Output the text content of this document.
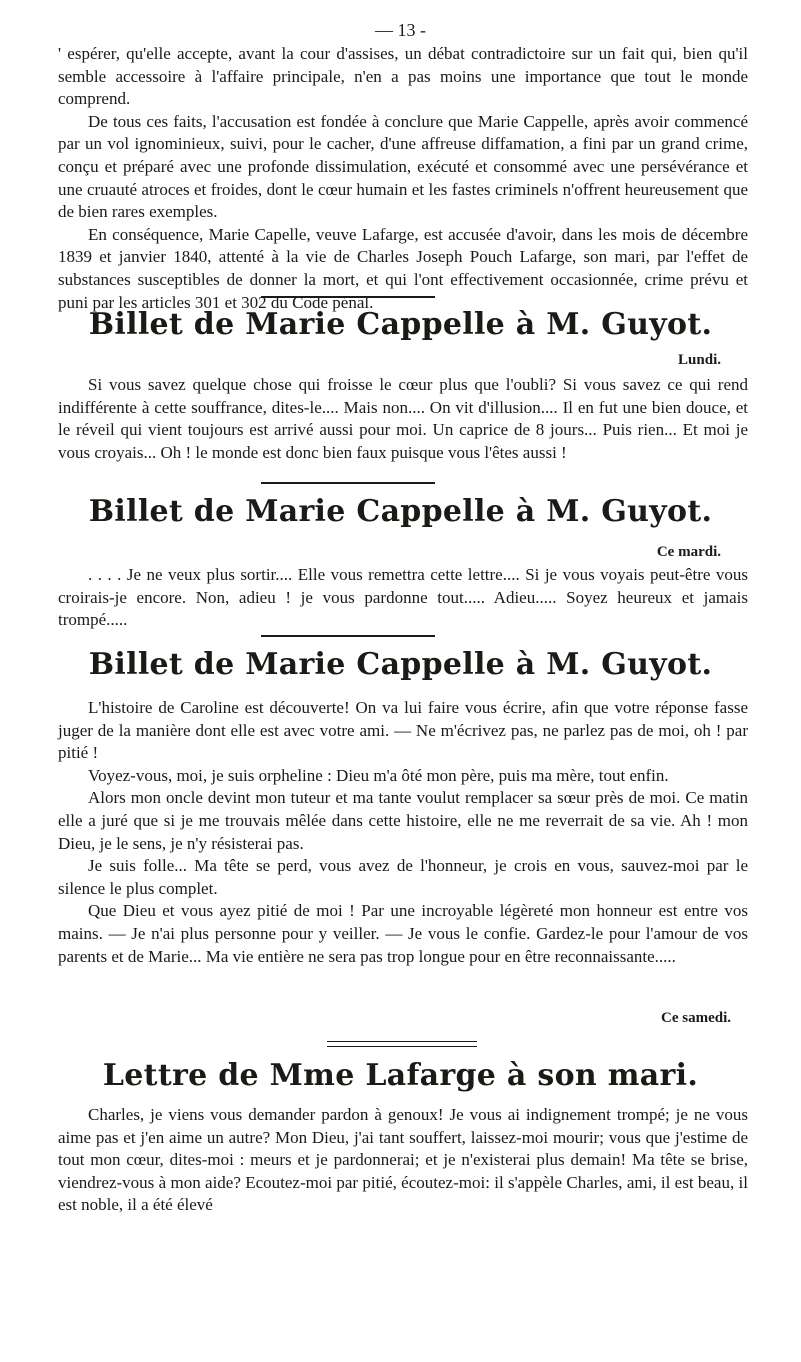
— 13 -

' espérer, qu'elle accepte, avant la cour d'assises, un débat contradictoire sur un fait qui, bien qu'il semble accessoire à l'affaire principale, n'en a pas moins une importance que tout le monde comprend.

De tous ces faits, l'accusation est fondée à conclure que Marie Cappelle, après avoir commencé par un vol ignominieux, suivi, pour le cacher, d'une affreuse diffamation, a fini par un grand crime, conçu et préparé avec une profonde dissimulation, exécuté et consommé avec une persévérance et une cruauté atroces et froides, dont le cœur humain et les fastes criminels n'offrent heureusement que de bien rares exemples.

En conséquence, Marie Capelle, veuve Lafarge, est accusée d'avoir, dans les mois de décembre 1839 et janvier 1840, attenté à la vie de Charles Joseph Pouch Lafarge, son mari, par l'effet de substances susceptibles de donner la mort, et qui l'ont effectivement occasionnée, crime prévu et puni par les articles 301 et 302 du Code pénal.

Billet de Marie Cappelle à M. Guyot.
Lundi.

Si vous savez quelque chose qui froisse le cœur plus que l'oubli? Si vous savez ce qui rend indifférente à cette souffrance, dites-le.... Mais non.... On vit d'illusion.... Il en fut une bien douce, et le réveil qui vient toujours est arrivé aussi pour moi. Un caprice de 8 jours... Puis rien... Et moi je vous croyais... Oh ! le monde est donc bien faux puisque vous l'êtes aussi !

Billet de Marie Cappelle à M. Guyot.
Ce mardi.

. . . . Je ne veux plus sortir.... Elle vous remettra cette lettre.... Si je vous voyais peut-être vous croirais-je encore. Non, adieu ! je vous pardonne tout..... Adieu..... Soyez heureux et jamais trompé.....

Billet de Marie Cappelle à M. Guyot.

L'histoire de Caroline est découverte! On va lui faire vous écrire, afin que votre réponse fasse juger de la manière dont elle est avec votre ami. — Ne m'écrivez pas, ne parlez pas de moi, oh ! par pitié !

Voyez-vous, moi, je suis orpheline : Dieu m'a ôté mon père, puis ma mère, tout enfin.

Alors mon oncle devint mon tuteur et ma tante voulut remplacer sa sœur près de moi. Ce matin elle a juré que si je me trouvais mêlée dans cette histoire, elle ne me reverrait de sa vie. Ah ! mon Dieu, je le sens, je n'y résisterai pas.

Je suis folle... Ma tête se perd, vous avez de l'honneur, je crois en vous, sauvez-moi par le silence le plus complet.

Que Dieu et vous ayez pitié de moi ! Par une incroyable légèreté mon honneur est entre vos mains. — Je n'ai plus personne pour y veiller. — Je vous le confie. Gardez-le pour l'amour de vos parents et de Marie... Ma vie entière ne sera pas trop longue pour en être reconnaissante.....

Ce samedi.
Lettre de Mme Lafarge à son mari.

Charles, je viens vous demander pardon à genoux! Je vous ai indignement trompé; je ne vous aime pas et j'en aime un autre? Mon Dieu, j'ai tant souffert, laissez-moi mourir; vous que j'estime de tout mon cœur, dites-moi : meurs et je pardonnerai; et je n'existerai plus demain! Ma tête se brise, viendrez-vous à mon aide? Ecoutez-moi par pitié, écoutez-moi: il s'appèle Charles, ami, il est beau, il est noble, il a été élevé
